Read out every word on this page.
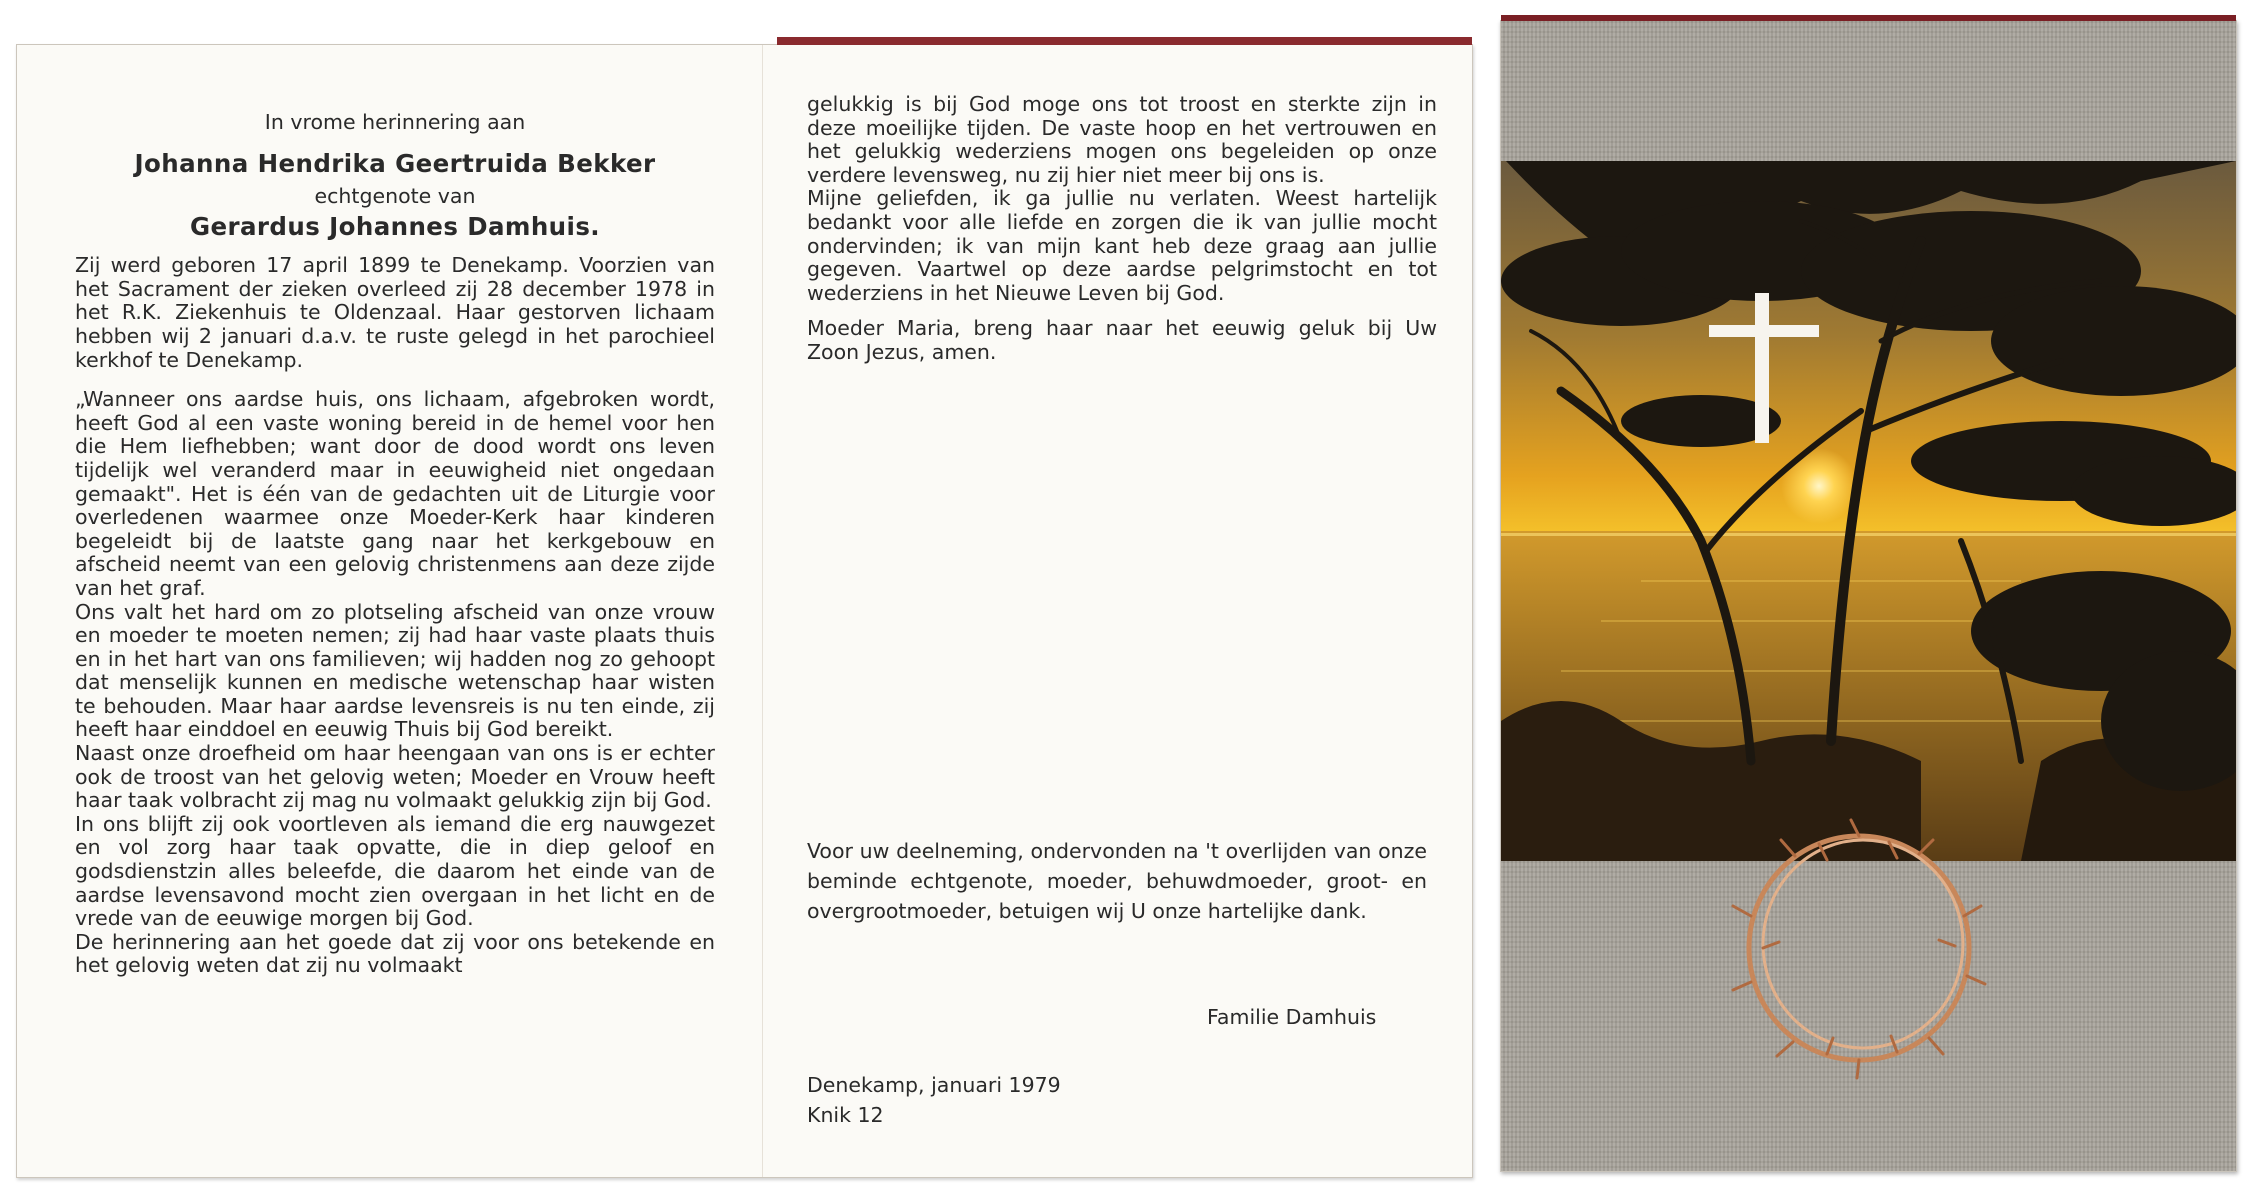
In vrome herinnering aan

Johanna Hendrika Geertruida Bekker

echtgenote van

Gerardus Johannes Damhuis.

Zij werd geboren 17 april 1899 te Denekamp. Voorzien van het Sacrament der zieken overleed zij 28 december 1978 in het R.K. Ziekenhuis te Oldenzaal. Haar gestorven lichaam hebben wij 2 januari d.a.v. te ruste gelegd in het parochieel kerkhof te Denekamp.

„Wanneer ons aardse huis, ons lichaam, afgebroken wordt, heeft God al een vaste woning bereid in de hemel voor hen die Hem liefhebben; want door de dood wordt ons leven tijdelijk wel veranderd maar in eeuwigheid niet ongedaan gemaakt". Het is één van de gedachten uit de Liturgie voor overledenen waarmee onze Moeder-Kerk haar kinderen begeleidt bij de laatste gang naar het kerkgebouw en afscheid neemt van een gelovig christenmens aan deze zijde van het graf.

Ons valt het hard om zo plotseling afscheid van onze vrouw en moeder te moeten nemen; zij had haar vaste plaats thuis en in het hart van ons familieven; wij hadden nog zo gehoopt dat menselijk kunnen en medische wetenschap haar wisten te behouden. Maar haar aardse levensreis is nu ten einde, zij heeft haar einddoel en eeuwig Thuis bij God bereikt.

Naast onze droefheid om haar heengaan van ons is er echter ook de troost van het gelovig weten; Moeder en Vrouw heeft haar taak volbracht zij mag nu volmaakt gelukkig zijn bij God.

In ons blijft zij ook voortleven als iemand die erg nauwgezet en vol zorg haar taak opvatte, die in diep geloof en godsdienstzin alles beleefde, die daarom het einde van de aardse levensavond mocht zien overgaan in het licht en de vrede van de eeuwige morgen bij God.

De herinnering aan het goede dat zij voor ons betekende en het gelovig weten dat zij nu volmaakt

gelukkig is bij God moge ons tot troost en sterkte zijn in deze moeilijke tijden. De vaste hoop en het vertrouwen en het gelukkig wederziens mogen ons begeleiden op onze verdere levensweg, nu zij hier niet meer bij ons is.

Mijne geliefden, ik ga jullie nu verlaten. Weest hartelijk bedankt voor alle liefde en zorgen die ik van jullie mocht ondervinden; ik van mijn kant heb deze graag aan jullie gegeven. Vaartwel op deze aardse pelgrimstocht en tot wederziens in het Nieuwe Leven bij God.

Moeder Maria, breng haar naar het eeuwig geluk bij Uw Zoon Jezus, amen.

Voor uw deelneming, ondervonden na 't overlijden van onze beminde echtgenote, moeder, behuwdmoeder, groot- en overgrootmoeder, betuigen wij U onze hartelijke dank.

Familie Damhuis
Denekamp, januari 1979
Knik 12
